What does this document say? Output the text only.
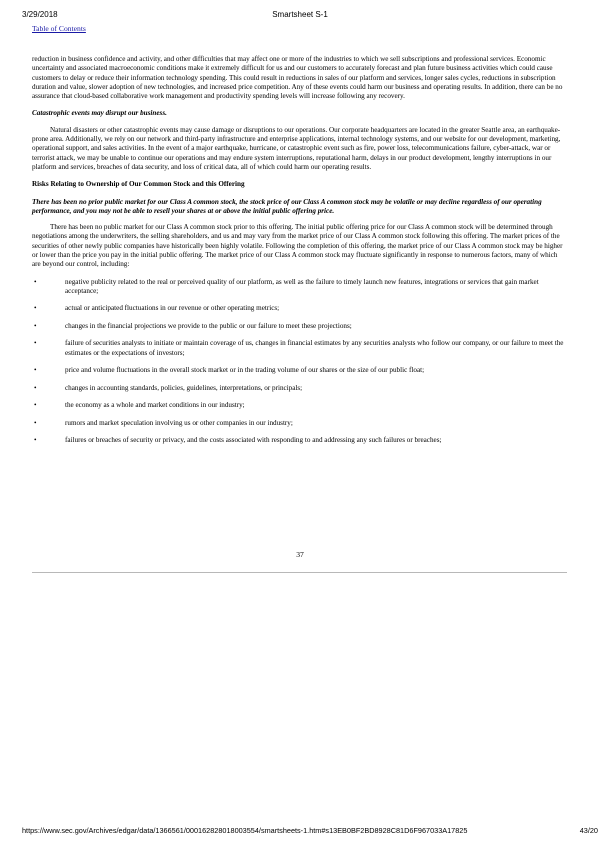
3/29/2018	Smartsheet S-1
Table of Contents

reduction in business confidence and activity, and other difficulties that may affect one or more of the industries to which we sell subscriptions and professional services. Economic uncertainty and associated macroeconomic conditions make it extremely difficult for us and our customers to accurately forecast and plan future business activities which could cause customers to delay or reduce their information technology spending. This could result in reductions in sales of our platform and services, longer sales cycles, reductions in subscription duration and value, slower adoption of new technologies, and increased price competition. Any of these events could harm our business and operating results. In addition, there can be no assurance that cloud-based collaborative work management and productivity spending levels will increase following any recovery.

Catastrophic events may disrupt our business.

Natural disasters or other catastrophic events may cause damage or disruptions to our operations. Our corporate headquarters are located in the greater Seattle area, an earthquake-prone area. Additionally, we rely on our network and third-party infrastructure and enterprise applications, internal technology systems, and our website for our development, marketing, operational support, and sales activities. In the event of a major earthquake, hurricane, or catastrophic event such as fire, power loss, telecommunications failure, cyber-attack, war or terrorist attack, we may be unable to continue our operations and may endure system interruptions, reputational harm, delays in our product development, lengthy interruptions in our platform and services, breaches of data security, and loss of critical data, all of which could harm our operating results.

Risks Relating to Ownership of Our Common Stock and this Offering

There has been no prior public market for our Class A common stock, the stock price of our Class A common stock may be volatile or may decline regardless of our operating performance, and you may not be able to resell your shares at or above the initial public offering price.

There has been no public market for our Class A common stock prior to this offering. The initial public offering price for our Class A common stock will be determined through negotiations among the underwriters, the selling shareholders, and us and may vary from the market price of our Class A common stock following this offering. The market prices of the securities of other newly public companies have historically been highly volatile. Following the completion of this offering, the market price of our Class A common stock may be higher or lower than the price you pay in the initial public offering. The market price of our Class A common stock may fluctuate significantly in response to numerous factors, many of which are beyond our control, including:

•	negative publicity related to the real or perceived quality of our platform, as well as the failure to timely launch new features, integrations or services that gain market acceptance;
•	actual or anticipated fluctuations in our revenue or other operating metrics;
•	changes in the financial projections we provide to the public or our failure to meet these projections;
•	failure of securities analysts to initiate or maintain coverage of us, changes in financial estimates by any securities analysts who follow our company, or our failure to meet the estimates or the expectations of investors;
•	price and volume fluctuations in the overall stock market or in the trading volume of our shares or the size of our public float;
•	changes in accounting standards, policies, guidelines, interpretations, or principals;
•	the economy as a whole and market conditions in our industry;
•	rumors and market speculation involving us or other companies in our industry;
•	failures or breaches of security or privacy, and the costs associated with responding to and addressing any such failures or breaches;
37
https://www.sec.gov/Archives/edgar/data/1366561/000162828018003554/smartsheets-1.htm#s13EB0BF2BD8928C81D6F967033A17825	43/20
